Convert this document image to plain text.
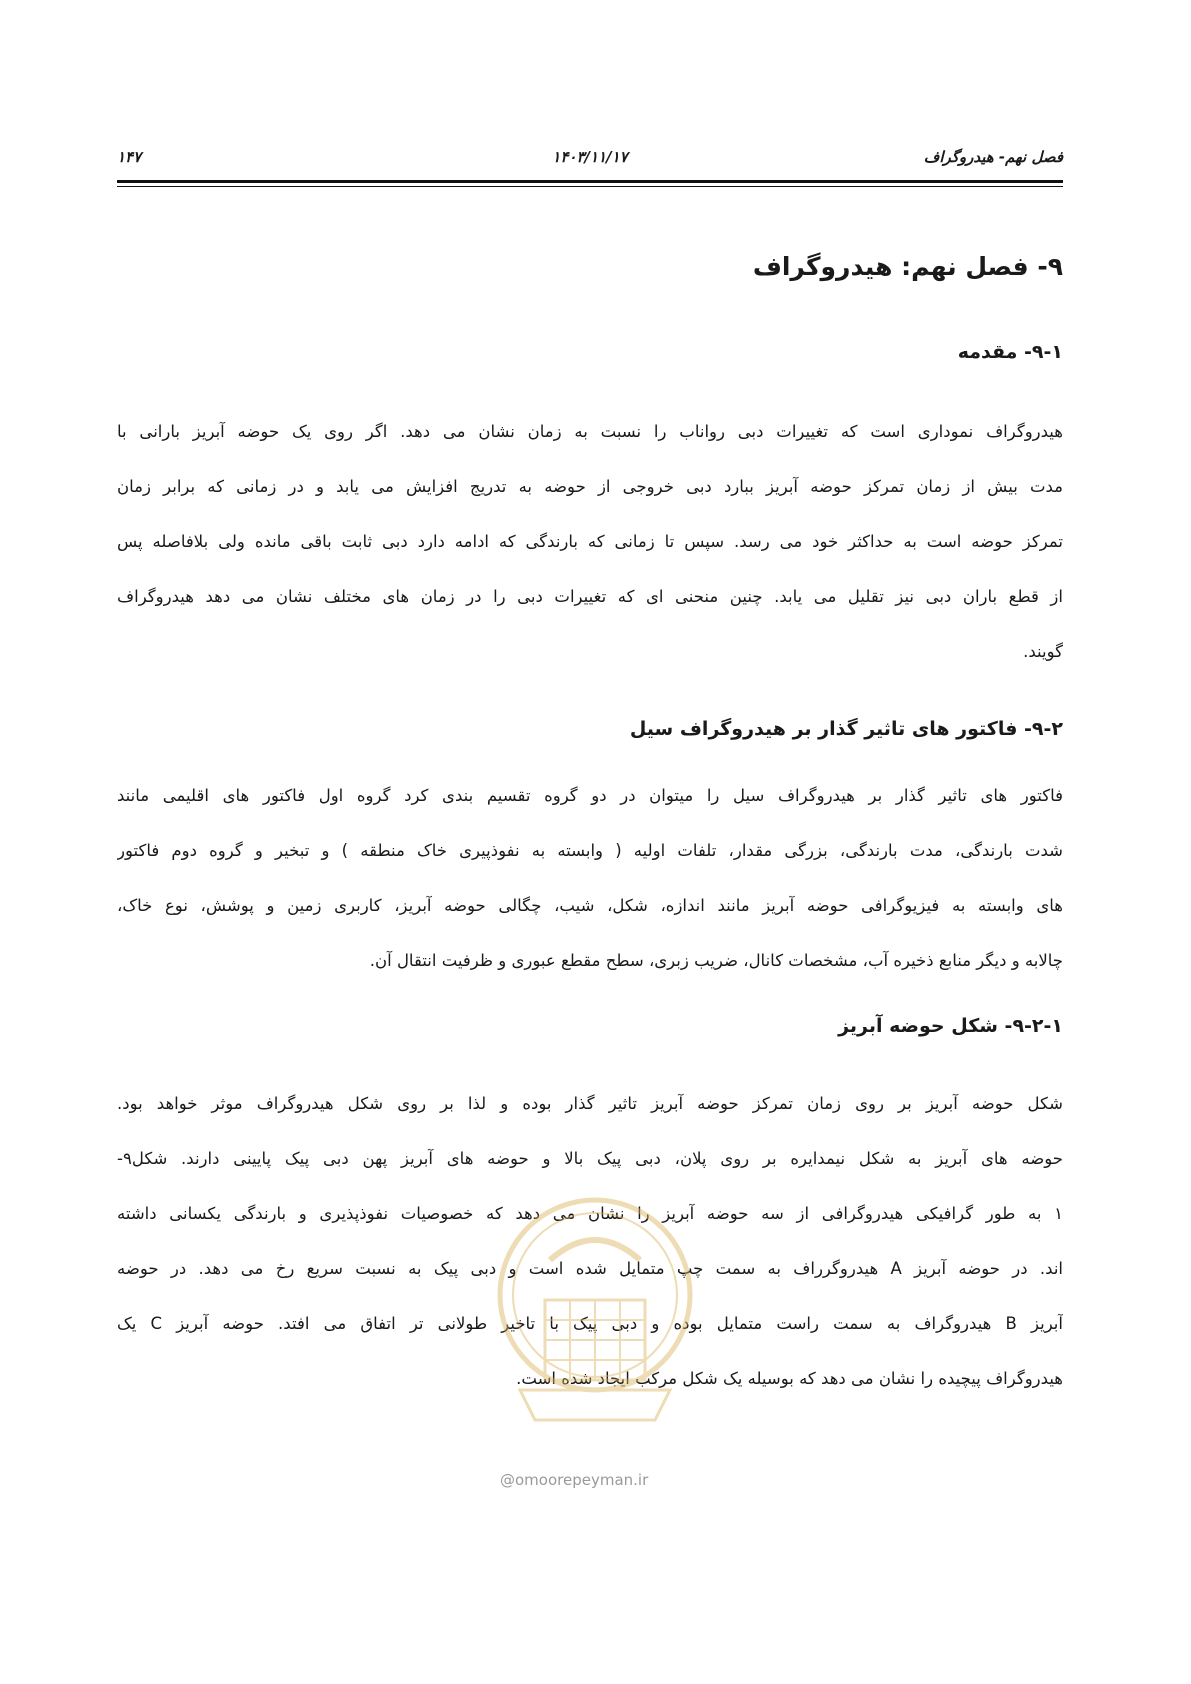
فصل نهم- هیدروگراف
۱۴۰۳/۱۱/۱۷
۱۴۷
۹- فصل نهم: هیدروگراف
۹-۱- مقدمه
هیدروگراف نموداری است که تغییرات دبی رواناب را نسبت به زمان نشان می دهد. اگر روی یک حوضه آبریز بارانی با
مدت بیش از زمان تمرکز حوضه آبریز ببارد دبی خروجی از حوضه به تدریج افزایش می یابد و در زمانی که برابر زمان
تمرکز حوضه است به حداکثر خود می رسد. سپس تا زمانی که بارندگی که ادامه دارد دبی ثابت باقی مانده ولی بلافاصله پس
از قطع باران دبی نیز تقلیل می یابد. چنین منحنی ای که تغییرات دبی را در زمان های مختلف نشان می دهد هیدروگراف
گویند.
۹-۲- فاکتور های تاثیر گذار بر هیدروگراف سیل
فاکتور های تاثیر گذار بر هیدروگراف سیل را میتوان در دو گروه تقسیم بندی کرد گروه اول فاکتور های اقلیمی مانند
شدت بارندگی، مدت بارندگی، بزرگی مقدار، تلفات اولیه ( وابسته به نفوذپیری خاک منطقه ) و تبخیر و گروه دوم فاکتور
های وابسته به فیزیوگرافی حوضه آبریز مانند اندازه، شکل، شیب، چگالی حوضه آبریز، کاربری زمین و پوشش، نوع خاک،
چالابه و دیگر منابع ذخیره آب، مشخصات کانال، ضریب زبری، سطح مقطع عبوری و ظرفیت انتقال آن.
۹-۲-۱- شکل حوضه آبریز
شکل حوضه آبریز بر روی زمان تمرکز حوضه آبریز تاثیر گذار بوده و لذا بر روی شکل هیدروگراف موثر خواهد بود.
حوضه های آبریز به شکل نیمدایره بر روی پلان، دبی پیک بالا و حوضه های آبریز پهن دبی پیک پایینی دارند. شکل۹-
۱ به طور گرافیکی هیدروگرافی از سه حوضه آبریز را نشان می دهد که خصوصیات نفوذپذیری و بارندگی یکسانی داشته
اند. در حوضه آبریز A هیدروگرراف به سمت چپ متمایل شده است و دبی پیک به نسبت سریع رخ می دهد. در حوضه
آبریز B هیدروگراف به سمت راست متمایل بوده و دبی پیک با تاخیر طولانی تر اتفاق می افتد. حوضه آبریز C یک
هیدروگراف پیچیده را نشان می دهد که بوسیله یک شکل مرکب ایجاد شده است.
@omoorepeyman.ir
